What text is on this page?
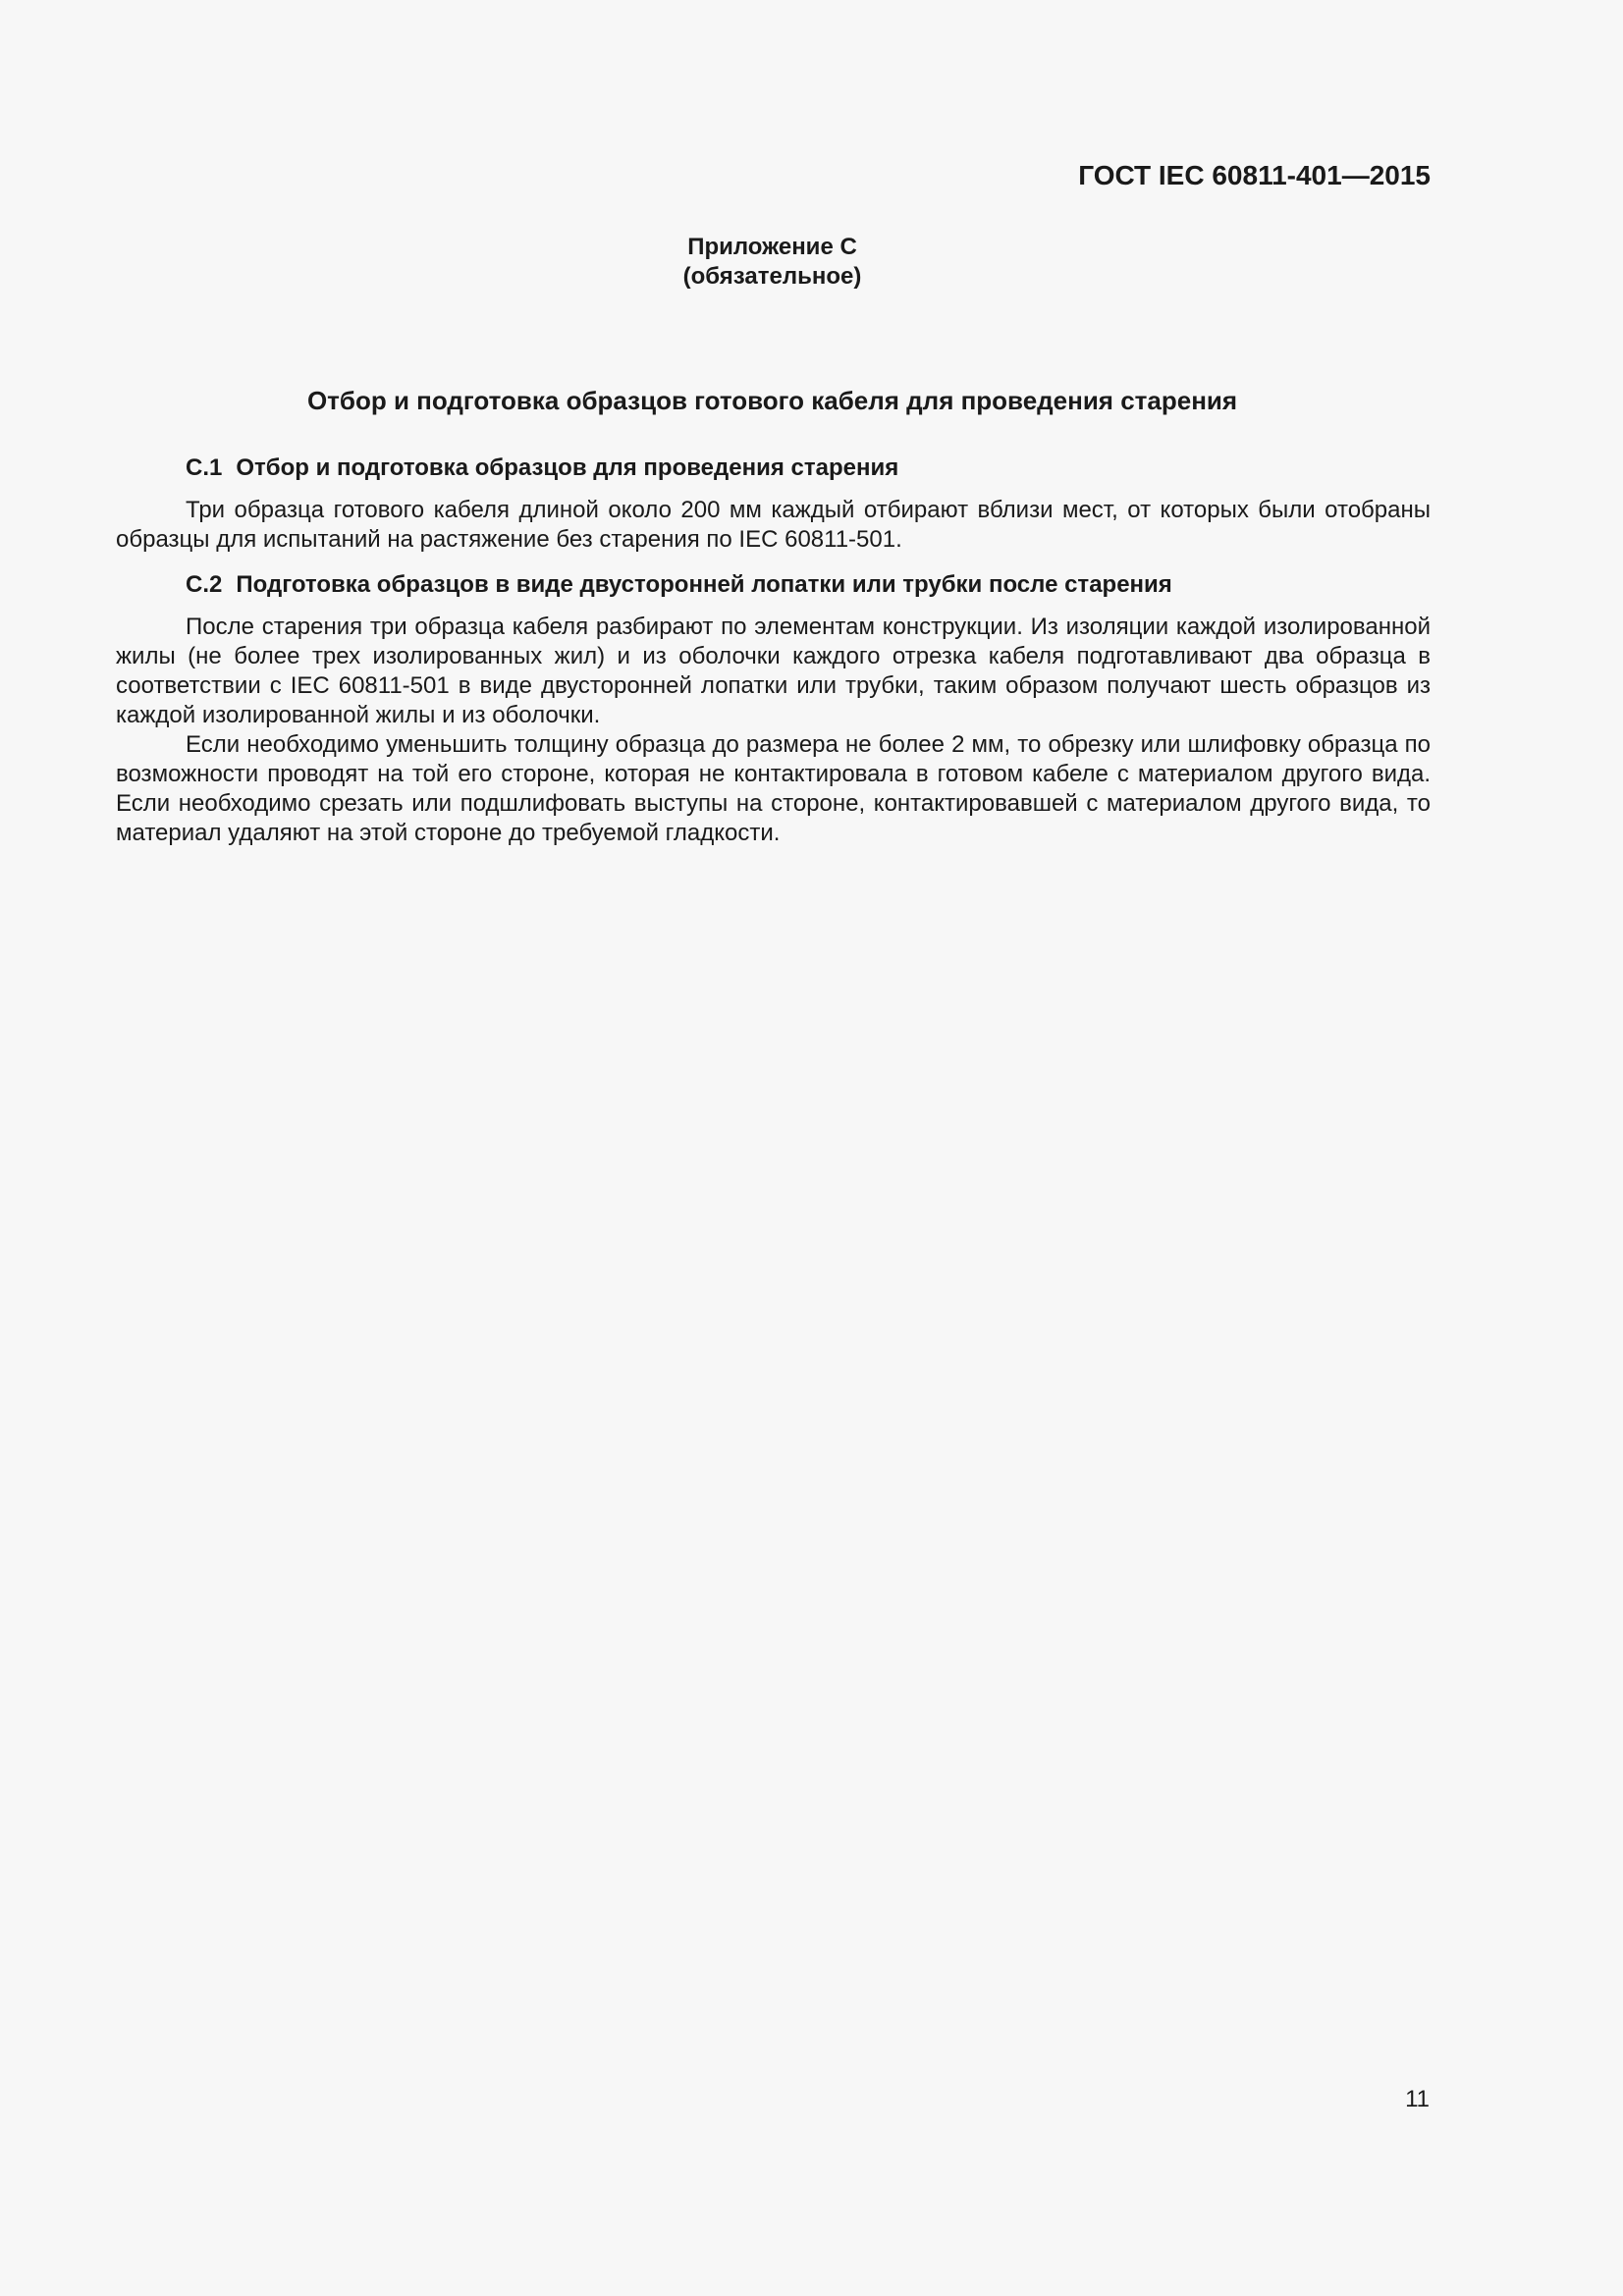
ГОСТ IEC 60811-401—2015
Приложение С
(обязательное)
Отбор и подготовка образцов готового кабеля для проведения старения
С.1 Отбор и подготовка образцов для проведения старения

Три образца готового кабеля длиной около 200 мм каждый отбирают вблизи мест, от которых были отобраны образцы для испытаний на растяжение без старения по IEC 60811-501.

С.2 Подготовка образцов в виде двусторонней лопатки или трубки после старения

После старения три образца кабеля разбирают по элементам конструкции. Из изоляции каждой изолированной жилы (не более трех изолированных жил) и из оболочки каждого отрезка кабеля подготавливают два образца в соответствии с IEC 60811-501 в виде двусторонней лопатки или трубки, таким образом получают шесть образцов из каждой изолированной жилы и из оболочки.

Если необходимо уменьшить толщину образца до размера не более 2 мм, то обрезку или шлифовку образца по возможности проводят на той его стороне, которая не контактировала в готовом кабеле с материалом другого вида. Если необходимо срезать или подшлифовать выступы на стороне, контактировавшей с материалом другого вида, то материал удаляют на этой стороне до требуемой гладкости.

11
